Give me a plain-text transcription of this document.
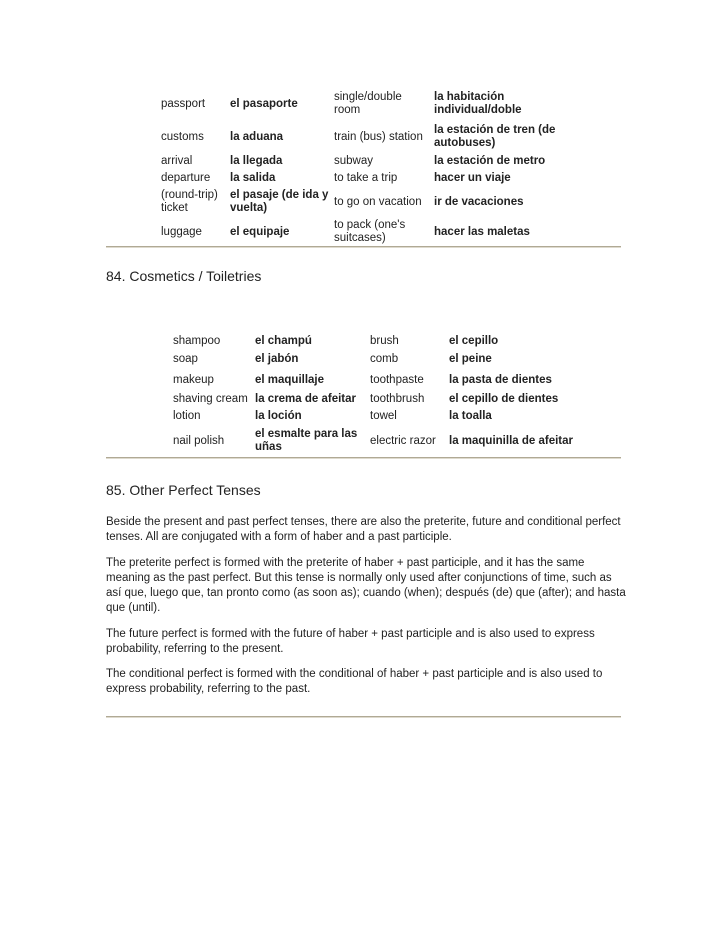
passport	el pasaporte	single/double room	la habitación individual/doble
customs	la aduana	train (bus) station	la estación de tren (de autobuses)
arrival	la llegada	subway	la estación de metro
departure	la salida	to take a trip	hacer un viaje
(round-trip) ticket	el pasaje (de ida y vuelta)	to go on vacation	ir de vacaciones
luggage	el equipaje	to pack (one's suitcases)	hacer las maletas
84. Cosmetics / Toiletries
shampoo	el champú	brush	el cepillo
soap	el jabón	comb	el peine
makeup	el maquillaje	toothpaste	la pasta de dientes
shaving cream	la crema de afeitar	toothbrush	el cepillo de dientes
lotion	la loción	towel	la toalla
nail polish	el esmalte para las uñas	electric razor	la maquinilla de afeitar
85. Other Perfect Tenses

Beside the present and past perfect tenses, there are also the preterite, future and conditional perfect tenses. All are conjugated with a form of haber and a past participle.

The preterite perfect is formed with the preterite of haber + past participle, and it has the same meaning as the past perfect. But this tense is normally only used after conjunctions of time, such as así que, luego que, tan pronto como (as soon as); cuando (when); después (de) que (after); and hasta que (until).

The future perfect is formed with the future of haber + past participle and is also used to express probability, referring to the present.

The conditional perfect is formed with the conditional of haber + past participle and is also used to express probability, referring to the past.
